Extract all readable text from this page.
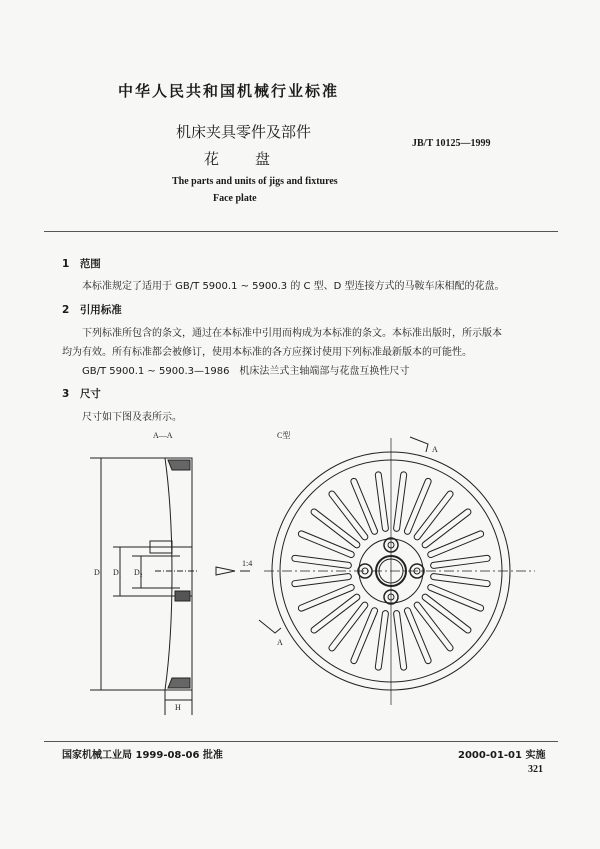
中华人民共和国机械行业标准
机床夹具零件及部件
花　　盘
JB/T 10125—1999
The parts and units of jigs and fixtures
Face plate
1　 范围
本标准规定了适用于 GB/T 5900.1 ~ 5900.3 的 C 型、D 型连接方式的马鞍车床相配的花盘。
2　 引用标准
下列标准所包含的条文，通过在本标准中引用而构成为本标准的条文。本标准出版时，所示版本
均为有效。所有标准都会被修订，使用本标准的各方应探讨使用下列标准最新版本的可能性。
GB/T 5900.1 ~ 5900.3—1986　机床法兰式主轴端部与花盘互换性尺寸
3　 尺寸
尺寸如下图及表所示。
A—A	C型
1:4
A
A
D D₁ D₂
H
国家机械工业局 1999-08-06 批准	2000-01-01 实施
321
